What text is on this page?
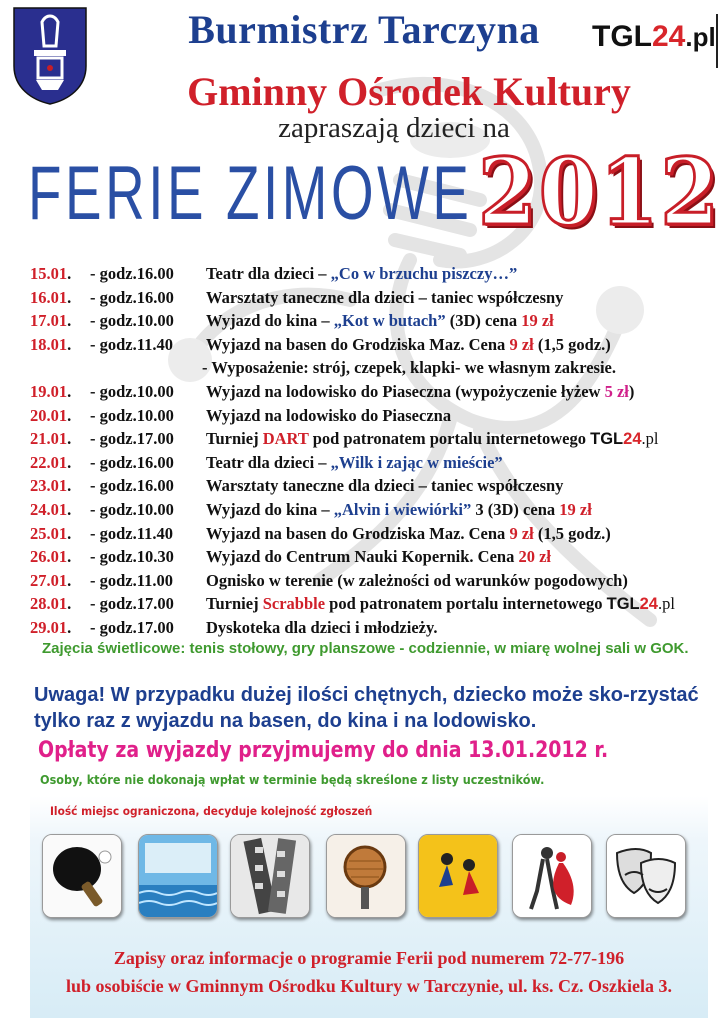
Burmistrz Tarczyna	TGL24.pl
Gminny Ośrodek Kultury
zapraszają dzieci na
FERIE ZIMOWE 2012
15.01. - godz.16.00 Teatr dla dzieci – „Co w brzuchu piszczy…”
16.01. - godz.16.00 Warsztaty taneczne dla dzieci – taniec współczesny
17.01. - godz.10.00 Wyjazd do kina – „Kot w butach” (3D) cena 19 zł
18.01. - godz.11.40 Wyjazd na basen do Grodziska Maz. Cena 9 zł (1,5 godz.)
- Wyposażenie: strój, czepek, klapki- we własnym zakresie.
19.01. - godz.10.00 Wyjazd na lodowisko do Piaseczna (wypożyczenie łyżew 5 zł)
20.01. - godz.10.00 Wyjazd na lodowisko do Piaseczna
21.01. - godz.17.00 Turniej DART pod patronatem portalu internetowego TGL24.pl
22.01. - godz.16.00 Teatr dla dzieci – „Wilk i zając w mieście”
23.01. - godz.16.00 Warsztaty taneczne dla dzieci – taniec współczesny
24.01. - godz.10.00 Wyjazd do kina – „Alvin i wiewiórki” 3 (3D) cena 19 zł
25.01. - godz.11.40 Wyjazd na basen do Grodziska Maz. Cena 9 zł (1,5 godz.)
26.01. - godz.10.30 Wyjazd do Centrum Nauki Kopernik. Cena 20 zł
27.01. - godz.11.00 Ognisko w terenie (w zależności od warunków pogodowych)
28.01. - godz.17.00 Turniej Scrabble pod patronatem portalu internetowego TGL24.pl
29.01. - godz.17.00 Dyskoteka dla dzieci i młodzieży.
Zajęcia świetlicowe: tenis stołowy, gry planszowe - codziennie, w miarę wolnej sali w GOK.
Uwaga! W przypadku dużej ilości chętnych, dziecko może sko-rzystać tylko raz z wyjazdu na basen, do kina i na lodowisko.
Opłaty za wyjazdy przyjmujemy do dnia 13.01.2012 r.
Osoby, które nie dokonają wpłat w terminie będą skreślone z listy uczestników.
Ilość miejsc ograniczona, decyduje kolejność zgłoszeń
Zapisy oraz informacje o programie Ferii pod numerem 72-77-196
lub osobiście w Gminnym Ośrodku Kultury w Tarczynie, ul. ks. Cz. Oszkiela 3.
